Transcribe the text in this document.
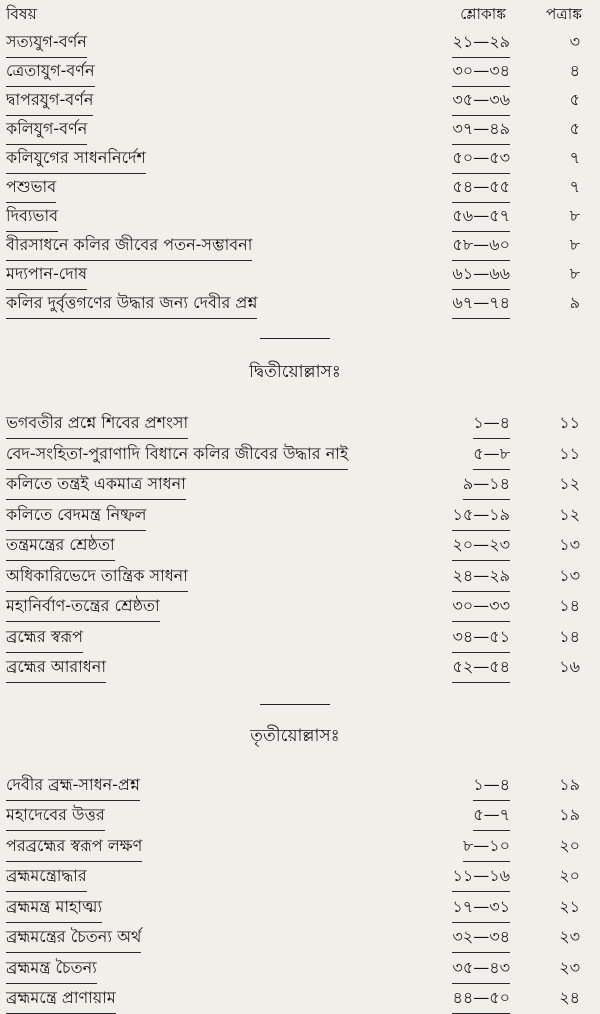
বিষয়	শ্লোকাঙ্ক	পত্রাঙ্ক
সত্যযুগ-বর্ণন	২১—২৯	৩
ত্রেতাযুগ-বর্ণন	৩০—৩৪	৪
দ্বাপরযুগ-বর্ণন	৩৫—৩৬	৫
কলিযুগ-বর্ণন	৩৭—৪৯	৫
কলিযুগের সাধননির্দেশ	৫০—৫৩	৭
পশুভাব	৫৪—৫৫	৭
দিব্যভাব	৫৬—৫৭	৮
বীরসাধনে কলির জীবের পতন-সম্ভাবনা	৫৮—৬০	৮
মদ্যপান-দোষ	৬১—৬৬	৮
কলির দুর্বৃত্তগণের উদ্ধার জন্য দেবীর প্রশ্ন	৬৭—৭৪	৯
দ্বিতীয়োল্লাসঃ
ভগবতীর প্রশ্নে শিবের প্রশংসা	১—৪	১১
বেদ-সংহিতা-পুরাণাদি বিধানে কলির জীবের উদ্ধার নাই	৫—৮	১১
কলিতে তন্ত্রই একমাত্র সাধনা	৯—১৪	১২
কলিতে বেদমন্ত্র নিষ্ফল	১৫—১৯	১২
তন্ত্রমন্ত্রের শ্রেষ্ঠতা	২০—২৩	১৩
অধিকারিভেদে তান্ত্রিক সাধনা	২৪—২৯	১৩
মহানির্বাণ-তন্ত্রের শ্রেষ্ঠতা	৩০—৩৩	১৪
ব্রহ্মের স্বরূপ	৩৪—৫১	১৪
ব্রহ্মের আরাধনা	৫২—৫৪	১৬
তৃতীয়োল্লাসঃ
দেবীর ব্রহ্ম-সাধন-প্রশ্ন	১—৪	১৯
মহাদেবের উত্তর	৫—৭	১৯
পরব্রহ্মের স্বরূপ লক্ষণ	৮—১০	২০
ব্রহ্মমন্ত্রোদ্ধার	১১—১৬	২০
ব্রহ্মমন্ত্র মাহাত্ম্য	১৭—৩১	২১
ব্রহ্মমন্ত্রের চৈতন্য অর্থ	৩২—৩৪	২৩
ব্রহ্মমন্ত্র চৈতন্য	৩৫—৪৩	২৩
ব্রহ্মমন্ত্রে প্রাণায়াম	৪৪—৫০	২৪
